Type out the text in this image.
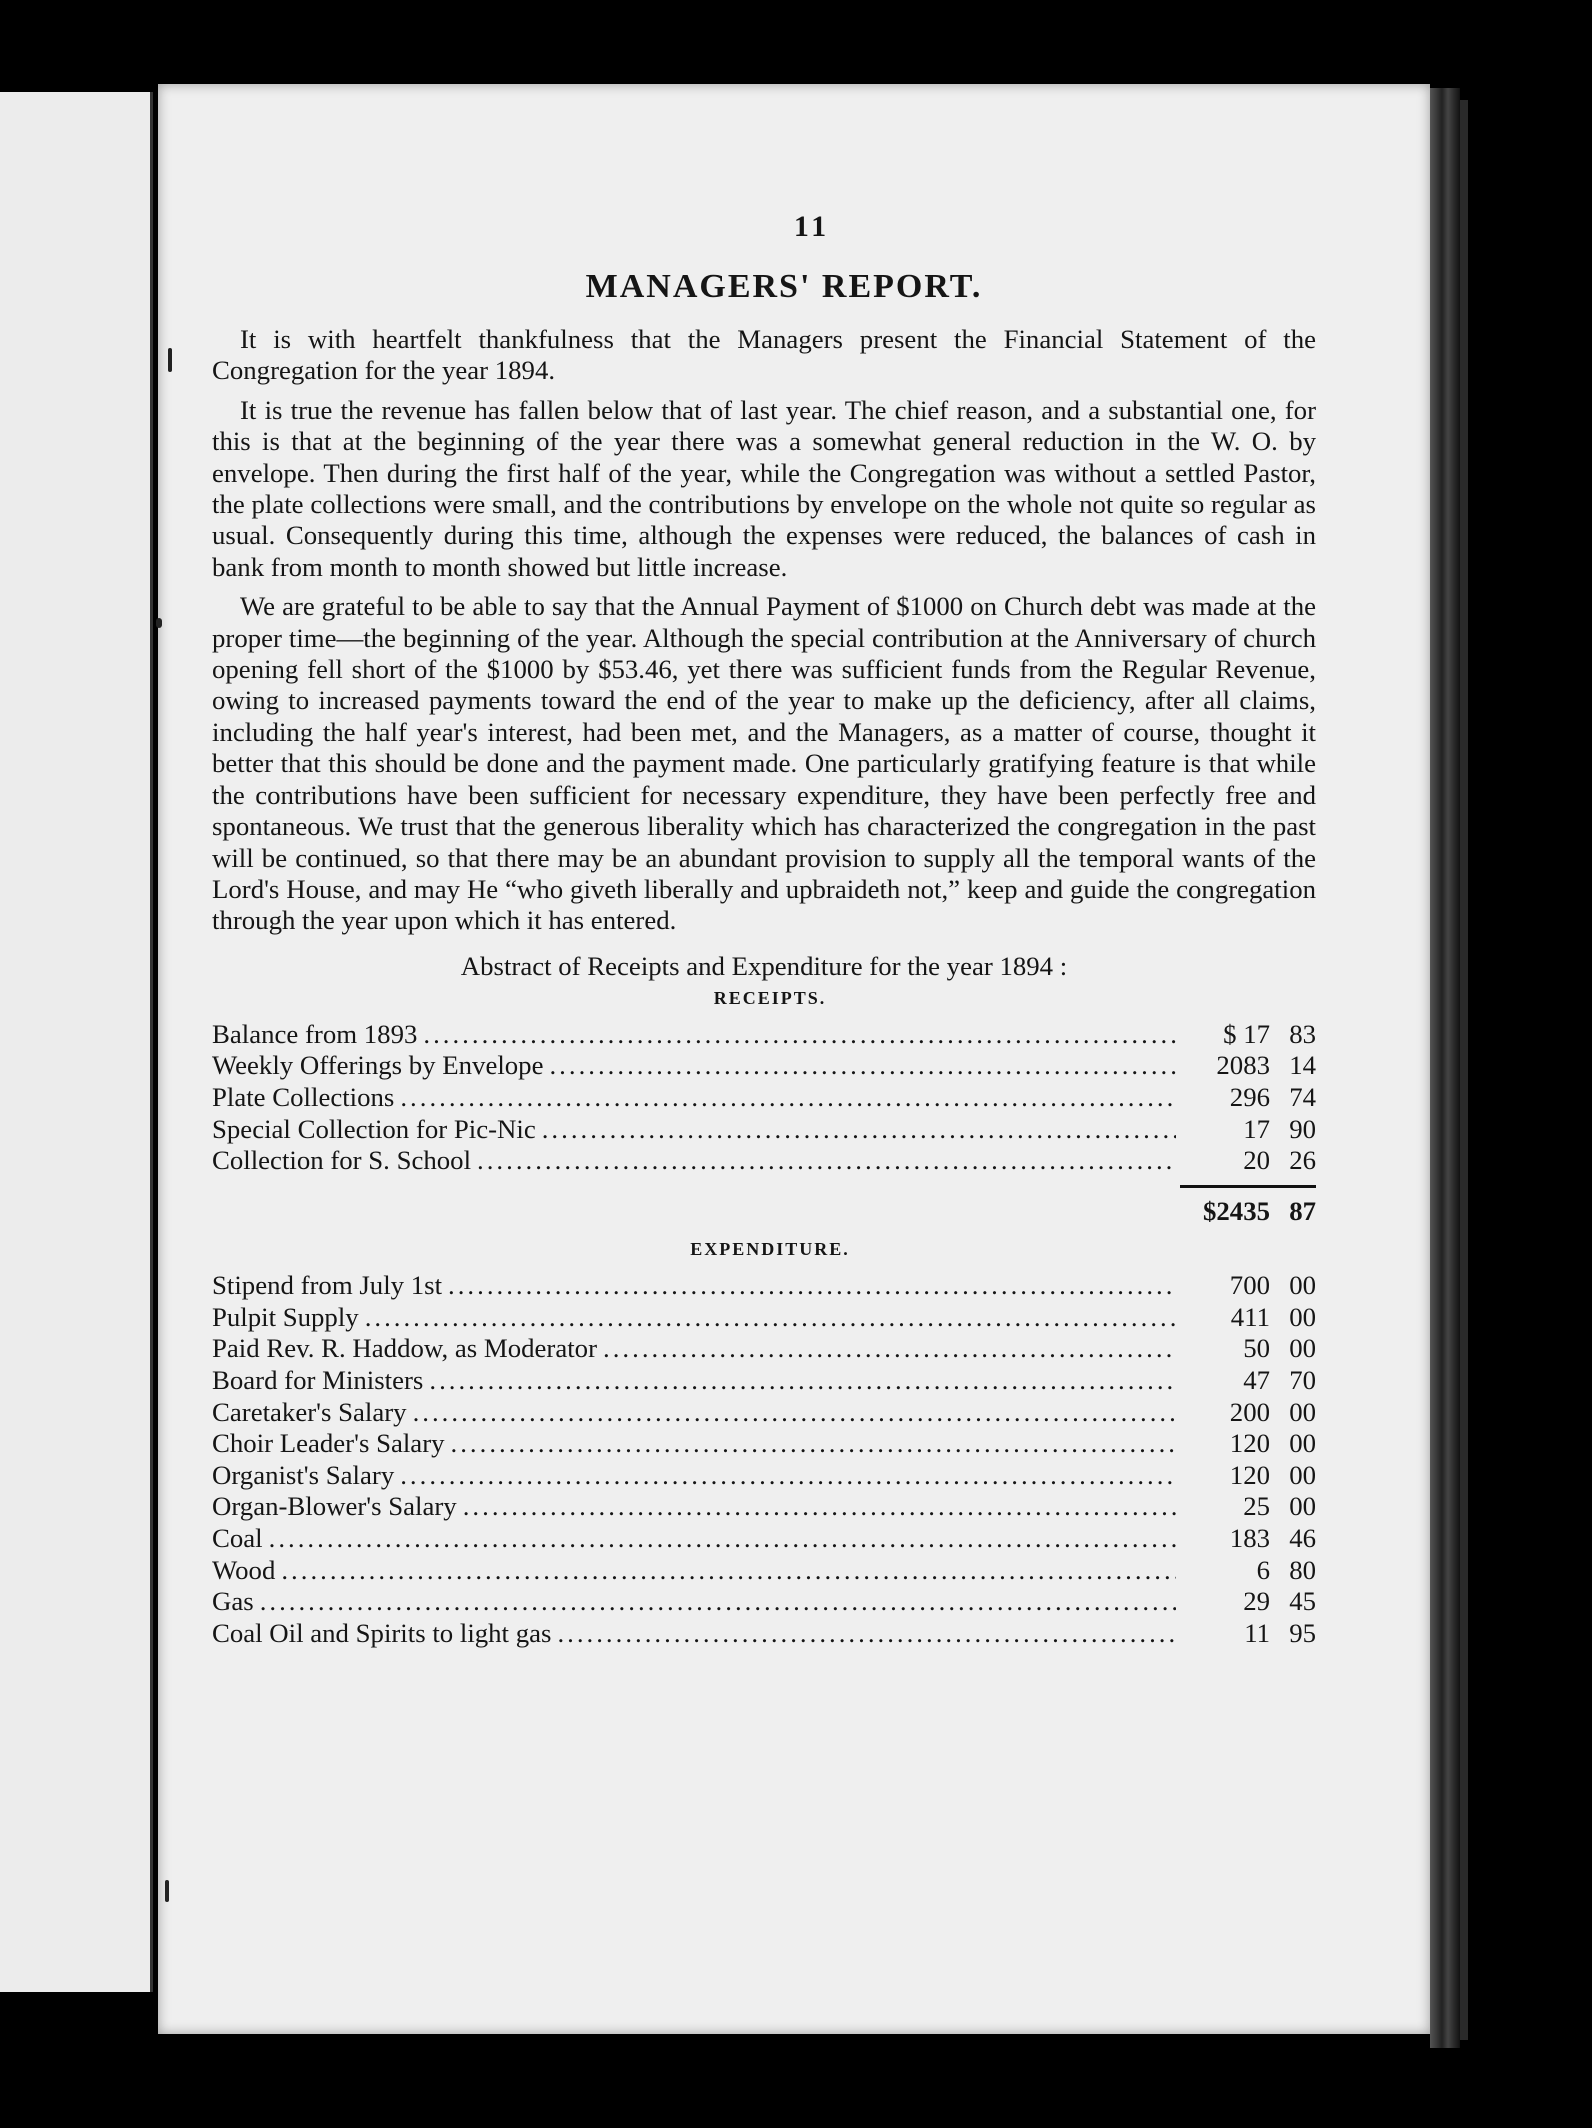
11
MANAGERS' REPORT.

It is with heartfelt thankfulness that the Managers present the Financial Statement of the Congregation for the year 1894.

It is true the revenue has fallen below that of last year. The chief reason, and a substantial one, for this is that at the beginning of the year there was a somewhat general reduction in the W. O. by envelope. Then during the first half of the year, while the Congregation was without a settled Pastor, the plate collections were small, and the contributions by envelope on the whole not quite so regular as usual. Consequently during this time, although the expenses were reduced, the balances of cash in bank from month to month showed but little increase.

We are grateful to be able to say that the Annual Payment of $1000 on Church debt was made at the proper time—the beginning of the year. Although the special contribution at the Anniversary of church opening fell short of the $1000 by $53.46, yet there was sufficient funds from the Regular Revenue, owing to increased payments toward the end of the year to make up the deficiency, after all claims, including the half year's interest, had been met, and the Managers, as a matter of course, thought it better that this should be done and the payment made. One particularly gratifying feature is that while the contributions have been sufficient for necessary expenditure, they have been perfectly free and spontaneous. We trust that the generous liberality which has characterized the congregation in the past will be continued, so that there may be an abundant provision to supply all the temporal wants of the Lord's House, and may He “who giveth liberally and upbraideth not,” keep and guide the congregation through the year upon which it has entered.

Abstract of Receipts and Expenditure for the year 1894 :
RECEIPTS.
Balance from 1893 .....	$ 17 83
Weekly Offerings by Envelope .....	2083 14
Plate Collections .....	296 74
Special Collection for Pic-Nic .....	17 90
Collection for S. School .....	20 26
$2435 87
EXPENDITURE.
Stipend from July 1st .....	700 00
Pulpit Supply .....	411 00
Paid Rev. R. Haddow, as Moderator .....	50 00
Board for Ministers .....	47 70
Caretaker's Salary .....	200 00
Choir Leader's Salary .....	120 00
Organist's Salary .....	120 00
Organ-Blower's Salary .....	25 00
Coal .....	183 46
Wood .....	6 80
Gas .....	29 45
Coal Oil and Spirits to light gas .....	11 95
